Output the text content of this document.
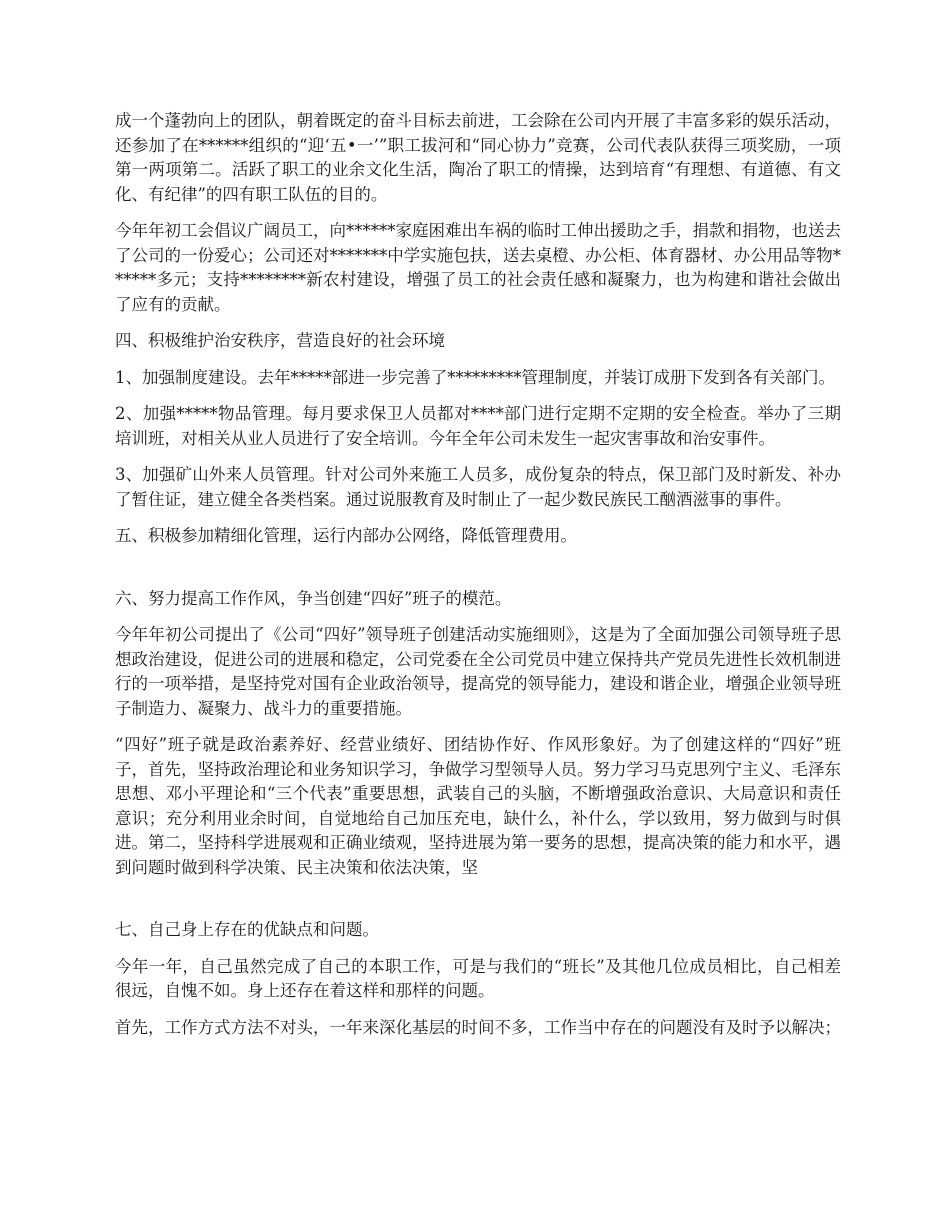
成一个蓬勃向上的团队，朝着既定的奋斗目标去前进，工会除在公司内开展了丰富多彩的娱乐活动，还参加了在******组织的“迎‘五•一’”职工拔河和“同心协力”竞赛，公司代表队获得三项奖励，一项第一两项第二。活跃了职工的业余文化生活，陶冶了职工的情操，达到培育“有理想、有道德、有文化、有纪律”的四有职工队伍的目的。

今年年初工会倡议广阔员工，向******家庭困难出车祸的临时工伸出援助之手，捐款和捐物，也送去了公司的一份爱心；公司还对*******中学实施包扶，送去桌橙、办公柜、体育器材、办公用品等物******多元；支持********新农村建设，增强了员工的社会责任感和凝聚力，也为构建和谐社会做出了应有的贡献。

四、积极维护治安秩序，营造良好的社会环境

1、加强制度建设。去年*****部进一步完善了*********管理制度，并装订成册下发到各有关部门。

2、加强*****物品管理。每月要求保卫人员都对****部门进行定期不定期的安全检查。举办了三期培训班，对相关从业人员进行了安全培训。今年全年公司未发生一起灾害事故和治安事件。

3、加强矿山外来人员管理。针对公司外来施工人员多，成份复杂的特点，保卫部门及时新发、补办了暂住证，建立健全各类档案。通过说服教育及时制止了一起少数民族民工酗酒滋事的事件。

五、积极参加精细化管理，运行内部办公网络，降低管理费用。

六、努力提高工作作风，争当创建“四好”班子的模范。

今年年初公司提出了《公司“四好”领导班子创建活动实施细则》，这是为了全面加强公司领导班子思想政治建设，促进公司的进展和稳定，公司党委在全公司党员中建立保持共产党员先进性长效机制进行的一项举措，是坚持党对国有企业政治领导，提高党的领导能力，建设和谐企业，增强企业领导班子制造力、凝聚力、战斗力的重要措施。

“四好”班子就是政治素养好、经营业绩好、团结协作好、作风形象好。为了创建这样的“四好”班子，首先，坚持政治理论和业务知识学习，争做学习型领导人员。努力学习马克思列宁主义、毛泽东思想、邓小平理论和“三个代表”重要思想，武装自己的头脑，不断增强政治意识、大局意识和责任意识；充分利用业余时间，自觉地给自己加压充电，缺什么，补什么，学以致用，努力做到与时俱进。第二，坚持科学进展观和正确业绩观，坚持进展为第一要务的思想，提高决策的能力和水平，遇到问题时做到科学决策、民主决策和依法决策，坚

七、自己身上存在的优缺点和问题。

今年一年，自己虽然完成了自己的本职工作，可是与我们的“班长”及其他几位成员相比，自己相差很远，自愧不如。身上还存在着这样和那样的问题。

首先，工作方式方法不对头，一年来深化基层的时间不多，工作当中存在的问题没有及时予以解决；
